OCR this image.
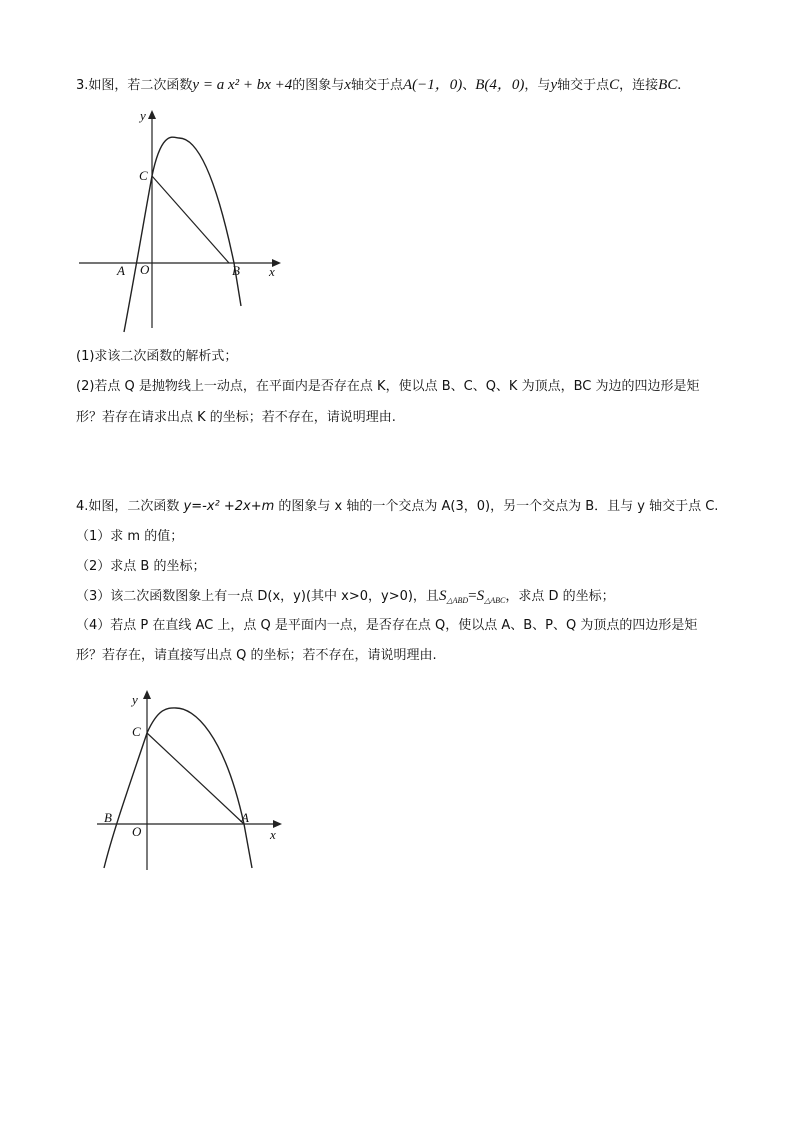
3.如图，若二次函数y = a x² + bx +4的图象与x轴交于点A(−1，0)、B(4，0)，与y轴交于点C，连接BC.
y
C
A O	B x
(1)求该二次函数的解析式；
(2)若点 Q 是抛物线上一动点，在平面内是否存在点 K，使以点 B、C、Q、K 为顶点，BC 为边的四边形是矩
形？若存在请求出点 K 的坐标；若不存在，请说明理由.
4.如图，二次函数 y=-x² +2x+m 的图象与 x 轴的一个交点为 A(3，0)，另一个交点为 B．且与 y 轴交于点 C.
（1）求 m 的值；
（2）求点 B 的坐标；
（3）该二次函数图象上有一点 D(x，y)(其中 x>0，y>0)，且$S_{\triangle ABD}=S_{\triangle ABC}$，求点 D 的坐标；
（4）若点 P 在直线 AC 上，点 Q 是平面内一点，是否存在点 Q，使以点 A、B、P、Q 为顶点的四边形是矩
形？若存在，请直接写出点 Q 的坐标；若不存在，请说明理由.
y
C
B
O
A
x
